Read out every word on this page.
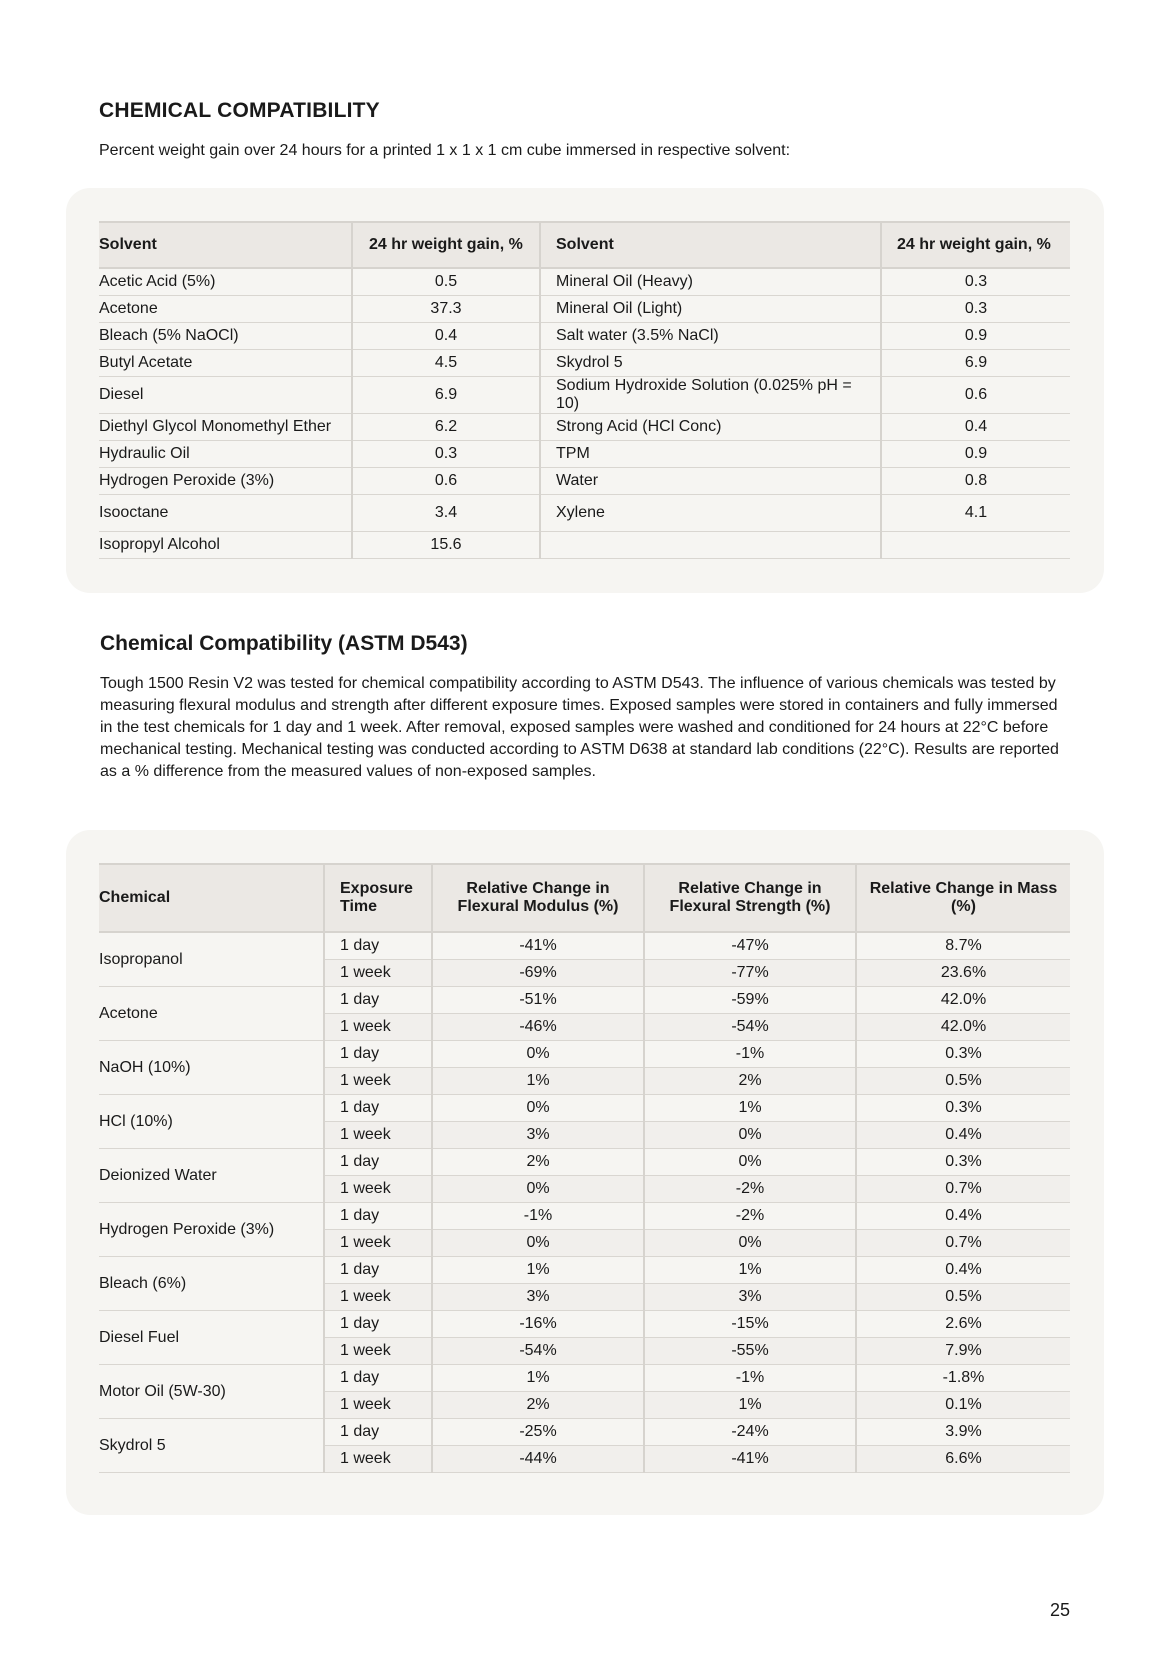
CHEMICAL COMPATIBILITY

Percent weight gain over 24 hours for a printed 1 x 1 x 1 cm cube immersed in respective solvent:

Solvent	24 hr weight gain, %	Solvent	24 hr weight gain, %
Acetic Acid (5%)	0.5	Mineral Oil (Heavy)	0.3
Acetone	37.3	Mineral Oil (Light)	0.3
Bleach (5% NaOCl)	0.4	Salt water (3.5% NaCl)	0.9
Butyl Acetate	4.5	Skydrol 5	6.9
Diesel	6.9	Sodium Hydroxide Solution (0.025% pH = 10)	0.6
Diethyl Glycol Monomethyl Ether	6.2	Strong Acid (HCl Conc)	0.4
Hydraulic Oil	0.3	TPM	0.9
Hydrogen Peroxide (3%)	0.6	Water	0.8
Isooctane	3.4	Xylene	4.1
Isopropyl Alcohol	15.6		
Chemical Compatibility (ASTM D543)

Tough 1500 Resin V2 was tested for chemical compatibility according to ASTM D543. The influence of various chemicals was tested by measuring flexural modulus and strength after different exposure times. Exposed samples were stored in containers and fully immersed in the test chemicals for 1 day and 1 week. After removal, exposed samples were washed and conditioned for 24 hours at 22°C before mechanical testing. Mechanical testing was conducted according to ASTM D638 at standard lab conditions (22°C). Results are reported as a % difference from the measured values of non-exposed samples.

Chemical	Exposure Time	Relative Change in Flexural Modulus (%)	Relative Change in Flexural Strength (%)	Relative Change in Mass (%)
Isopropanol	1 day	-41%	-47%	8.7%
	1 week	-69%	-77%	23.6%
Acetone	1 day	-51%	-59%	42.0%
	1 week	-46%	-54%	42.0%
NaOH (10%)	1 day	0%	-1%	0.3%
	1 week	1%	2%	0.5%
HCl (10%)	1 day	0%	1%	0.3%
	1 week	3%	0%	0.4%
Deionized Water	1 day	2%	0%	0.3%
	1 week	0%	-2%	0.7%
Hydrogen Peroxide (3%)	1 day	-1%	-2%	0.4%
	1 week	0%	0%	0.7%
Bleach (6%)	1 day	1%	1%	0.4%
	1 week	3%	3%	0.5%
Diesel Fuel	1 day	-16%	-15%	2.6%
	1 week	-54%	-55%	7.9%
Motor Oil (5W-30)	1 day	1%	-1%	-1.8%
	1 week	2%	1%	0.1%
Skydrol 5	1 day	-25%	-24%	3.9%
	1 week	-44%	-41%	6.6%
25
